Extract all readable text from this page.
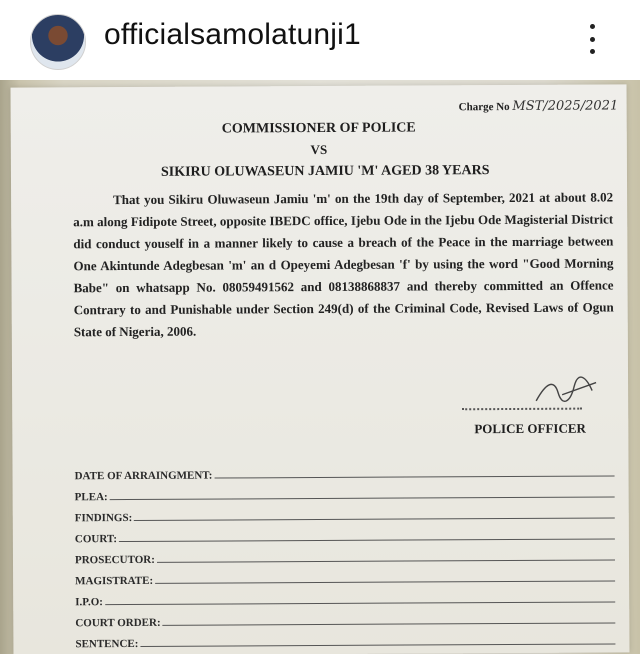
officialsamolatunji1
Charge No MST/2025/2021
COMMISSIONER OF POLICE
VS
SIKIRU OLUWASEUN JAMIU 'M' AGED 38 YEARS
That you Sikiru Oluwaseun Jamiu 'm' on the 19th day of September, 2021 at about 8.02 a.m along Fidipote Street, opposite IBEDC office, Ijebu Ode in the Ijebu Ode Magisterial District did conduct youself in a manner likely to cause a breach of the Peace in the marriage between One Akintunde Adegbesan 'm' an d Opeyemi Adegbesan 'f' by using the word "Good Morning Babe" on whatsapp No. 08059491562 and 08138868837 and thereby committed an Offence Contrary to and Punishable under Section 249(d) of the Criminal Code, Revised Laws of Ogun State of Nigeria, 2006.
POLICE OFFICER
DATE OF ARRAINGMENT:
PLEA:
FINDINGS:
COURT:
PROSECUTOR:
MAGISTRATE:
I.P.O:
COURT ORDER:
SENTENCE:
